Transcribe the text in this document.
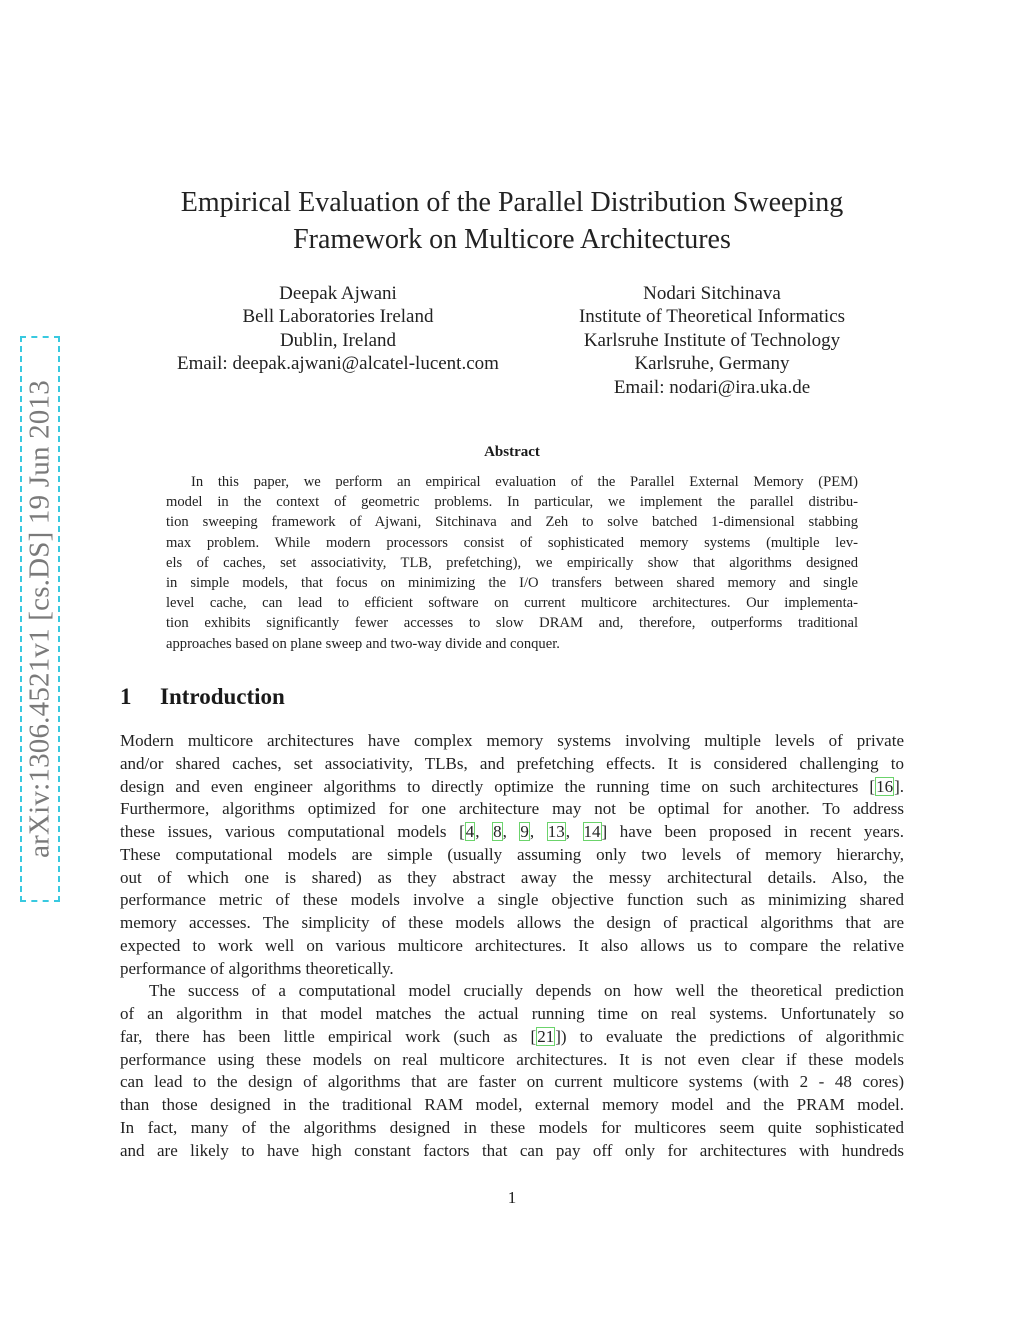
arXiv:1306.4521v1 [cs.DS] 19 Jun 2013
Empirical Evaluation of the Parallel Distribution Sweeping
Framework on Multicore Architectures
Deepak Ajwani
Bell Laboratories Ireland
Dublin, Ireland
Email: deepak.ajwani@alcatel-lucent.com
Nodari Sitchinava
Institute of Theoretical Informatics
Karlsruhe Institute of Technology
Karlsruhe, Germany
Email: nodari@ira.uka.de
Abstract
In this paper, we perform an empirical evaluation of the Parallel External Memory (PEM)
model in the context of geometric problems. In particular, we implement the parallel distribu-
tion sweeping framework of Ajwani, Sitchinava and Zeh to solve batched 1-dimensional stabbing
max problem. While modern processors consist of sophisticated memory systems (multiple lev-
els of caches, set associativity, TLB, prefetching), we empirically show that algorithms designed
in simple models, that focus on minimizing the I/O transfers between shared memory and single
level cache, can lead to efficient software on current multicore architectures. Our implementa-
tion exhibits significantly fewer accesses to slow DRAM and, therefore, outperforms traditional
approaches based on plane sweep and two-way divide and conquer.
1 Introduction
Modern multicore architectures have complex memory systems involving multiple levels of private
and/or shared caches, set associativity, TLBs, and prefetching effects. It is considered challenging to
design and even engineer algorithms to directly optimize the running time on such architectures [16].
Furthermore, algorithms optimized for one architecture may not be optimal for another. To address
these issues, various computational models [4, 8, 9, 13, 14] have been proposed in recent years.
These computational models are simple (usually assuming only two levels of memory hierarchy,
out of which one is shared) as they abstract away the messy architectural details. Also, the
performance metric of these models involve a single objective function such as minimizing shared
memory accesses. The simplicity of these models allows the design of practical algorithms that are
expected to work well on various multicore architectures. It also allows us to compare the relative
performance of algorithms theoretically.
The success of a computational model crucially depends on how well the theoretical prediction
of an algorithm in that model matches the actual running time on real systems. Unfortunately so
far, there has been little empirical work (such as [21]) to evaluate the predictions of algorithmic
performance using these models on real multicore architectures. It is not even clear if these models
can lead to the design of algorithms that are faster on current multicore systems (with 2 - 48 cores)
than those designed in the traditional RAM model, external memory model and the PRAM model.
In fact, many of the algorithms designed in these models for multicores seem quite sophisticated
and are likely to have high constant factors that can pay off only for architectures with hundreds
1
